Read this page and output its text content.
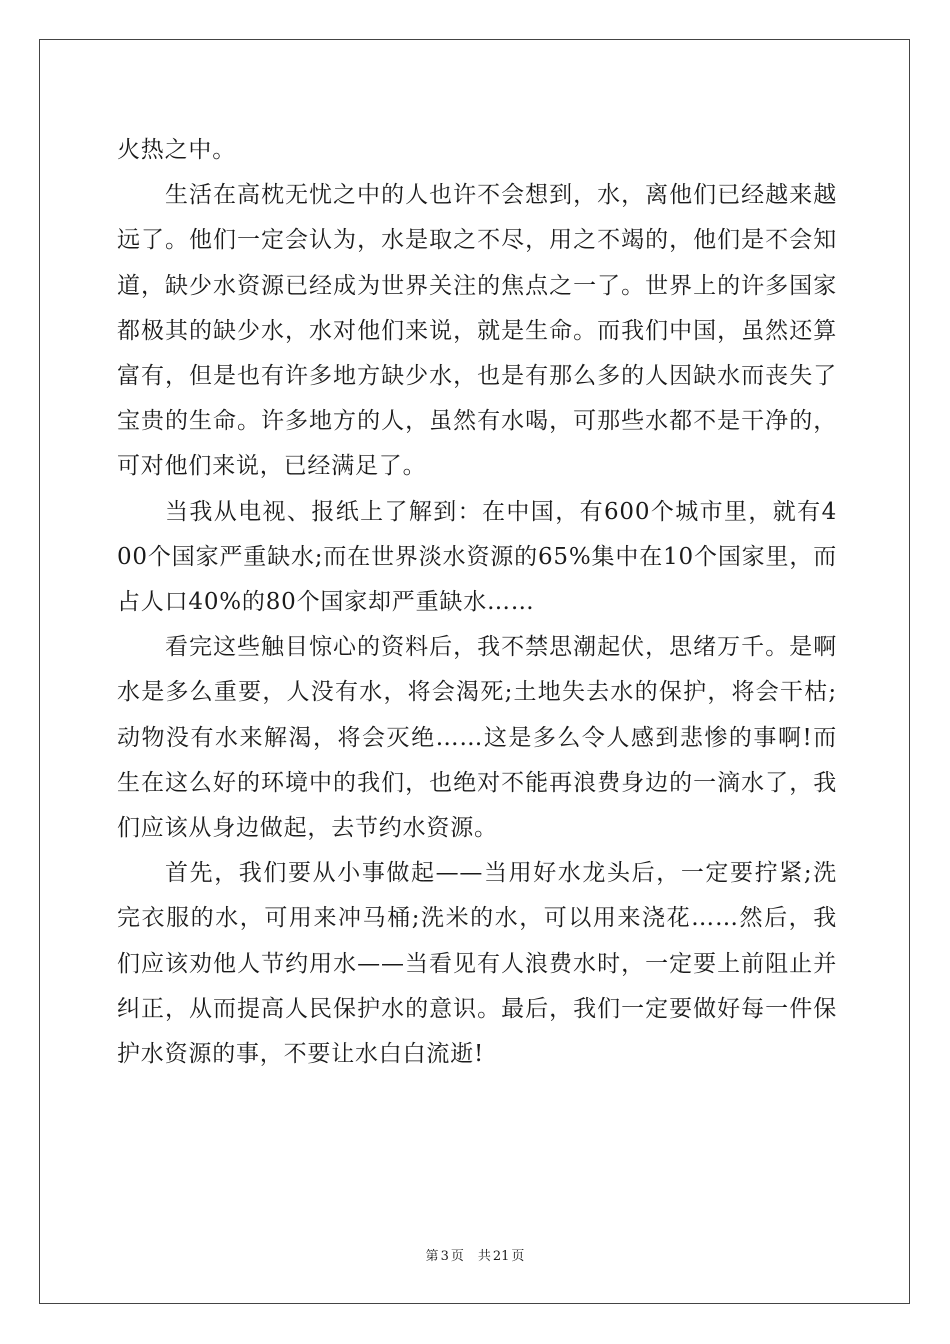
火热之中。

生活在高枕无忧之中的人也许不会想到，水，离他们已经越来越远了。他们一定会认为，水是取之不尽，用之不竭的，他们是不会知道，缺少水资源已经成为世界关注的焦点之一了。世界上的许多国家都极其的缺少水，水对他们来说，就是生命。而我们中国，虽然还算富有，但是也有许多地方缺少水，也是有那么多的人因缺水而丧失了宝贵的生命。许多地方的人，虽然有水喝，可那些水都不是干净的，可对他们来说，已经满足了。

当我从电视、报纸上了解到：在中国，有600个城市里，就有400个国家严重缺水;而在世界淡水资源的65%集中在10个国家里，而占人口40%的80个国家却严重缺水……

看完这些触目惊心的资料后，我不禁思潮起伏，思绪万千。是啊水是多么重要，人没有水，将会渴死;土地失去水的保护，将会干枯;动物没有水来解渴，将会灭绝……这是多么令人感到悲惨的事啊!而生在这么好的环境中的我们，也绝对不能再浪费身边的一滴水了，我们应该从身边做起，去节约水资源。

首先，我们要从小事做起——当用好水龙头后，一定要拧紧;洗完衣服的水，可用来冲马桶;洗米的水，可以用来浇花……然后，我们应该劝他人节约用水——当看见有人浪费水时，一定要上前阻止并纠正，从而提高人民保护水的意识。最后，我们一定要做好每一件保护水资源的事，不要让水白白流逝!

第 3 页 共 21 页
